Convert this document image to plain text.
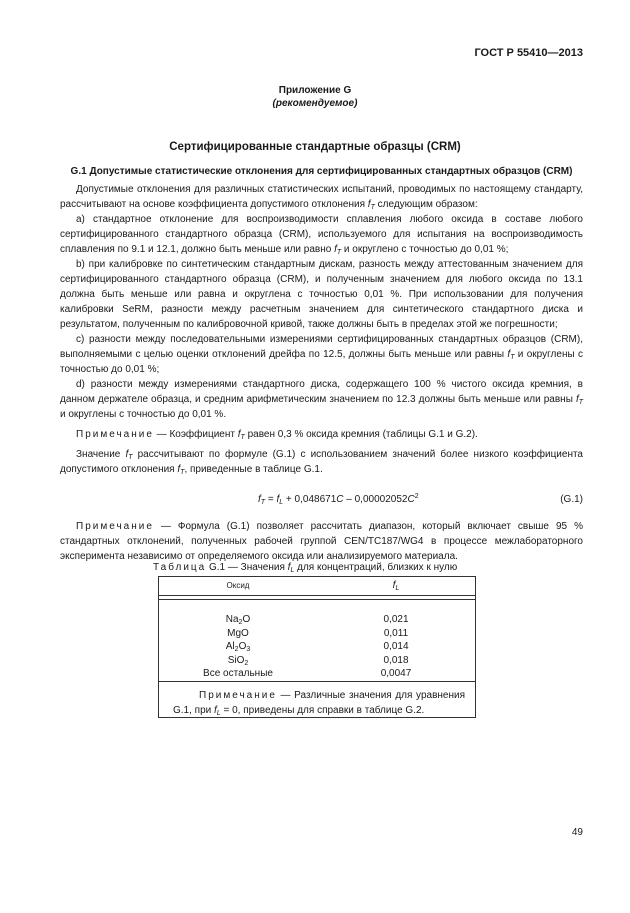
ГОСТ Р 55410—2013
Приложение G
(рекомендуемое)
Сертифицированные стандартные образцы (CRM)
G.1 Допустимые статистические отклонения для сертифицированных стандартных образцов (CRM)

Допустимые отклонения для различных статистических испытаний, проводимых по настоящему стандарту, рассчитывают на основе коэффициента допустимого отклонения $f_T$ следующим образом:

а) стандартное отклонение для воспроизводимости сплавления любого оксида в составе любого сертифицированного стандартного образца (CRM), используемого для испытания на воспроизводимость сплавления по 9.1 и 12.1, должно быть меньше или равно $f_T$ и округлено с точностью до 0,01 %;

b) при калибровке по синтетическим стандартным дискам, разность между аттестованным значением для сертифицированного стандартного образца (CRM), и полученным значением для любого оксида по 13.1 должна быть меньше или равна и округлена с точностью 0,01 %. При использовании для получения калибровки SeRM, разности между расчетным значением для синтетического стандартного диска и результатом, полученным по калибровочной кривой, также должны быть в пределах этой же погрешности;

c) разности между последовательными измерениями сертифицированных стандартных образцов (CRM), выполняемыми с целью оценки отклонений дрейфа по 12.5, должны быть меньше или равны $f_T$ и округлены с точностью до 0,01 %;

d) разности между измерениями стандартного диска, содержащего 100 % чистого оксида кремния, в данном держателе образца, и средним арифметическим значением по 12.3 должны быть меньше или равны $f_T$ и округлены с точностью до 0,01 %.

Примечание — Коэффициент $f_T$ равен 0,3 % оксида кремния (таблицы G.1 и G.2).

Значение $f_T$ рассчитывают по формуле (G.1) с использованием значений более низкого коэффициента допустимого отклонения $f_T$, приведенные в таблице G.1.

$f_T = f_L + 0,048671C - 0,00002052C^2$	(G.1)

Примечание — Формула (G.1) позволяет рассчитать диапазон, который включает свыше 95 % стандартных отклонений, полученных рабочей группой CEN/TC187/WG4 в процессе межлабораторного эксперимента независимо от определяемого оксида или анализируемого материала.

Таблица G.1 — Значения $f_L$ для концентраций, близких к нулю
Оксид	$f_L$
$Na_2O$	0,021
MgO	0,011
$Al_2O_3$	0,014
SiO$_2$	0,018
Все остальные	0,0047
Примечание — Различные значения для уравнения G.1, при $f_L = 0$, приведены для справки в таблице G.2.
49
